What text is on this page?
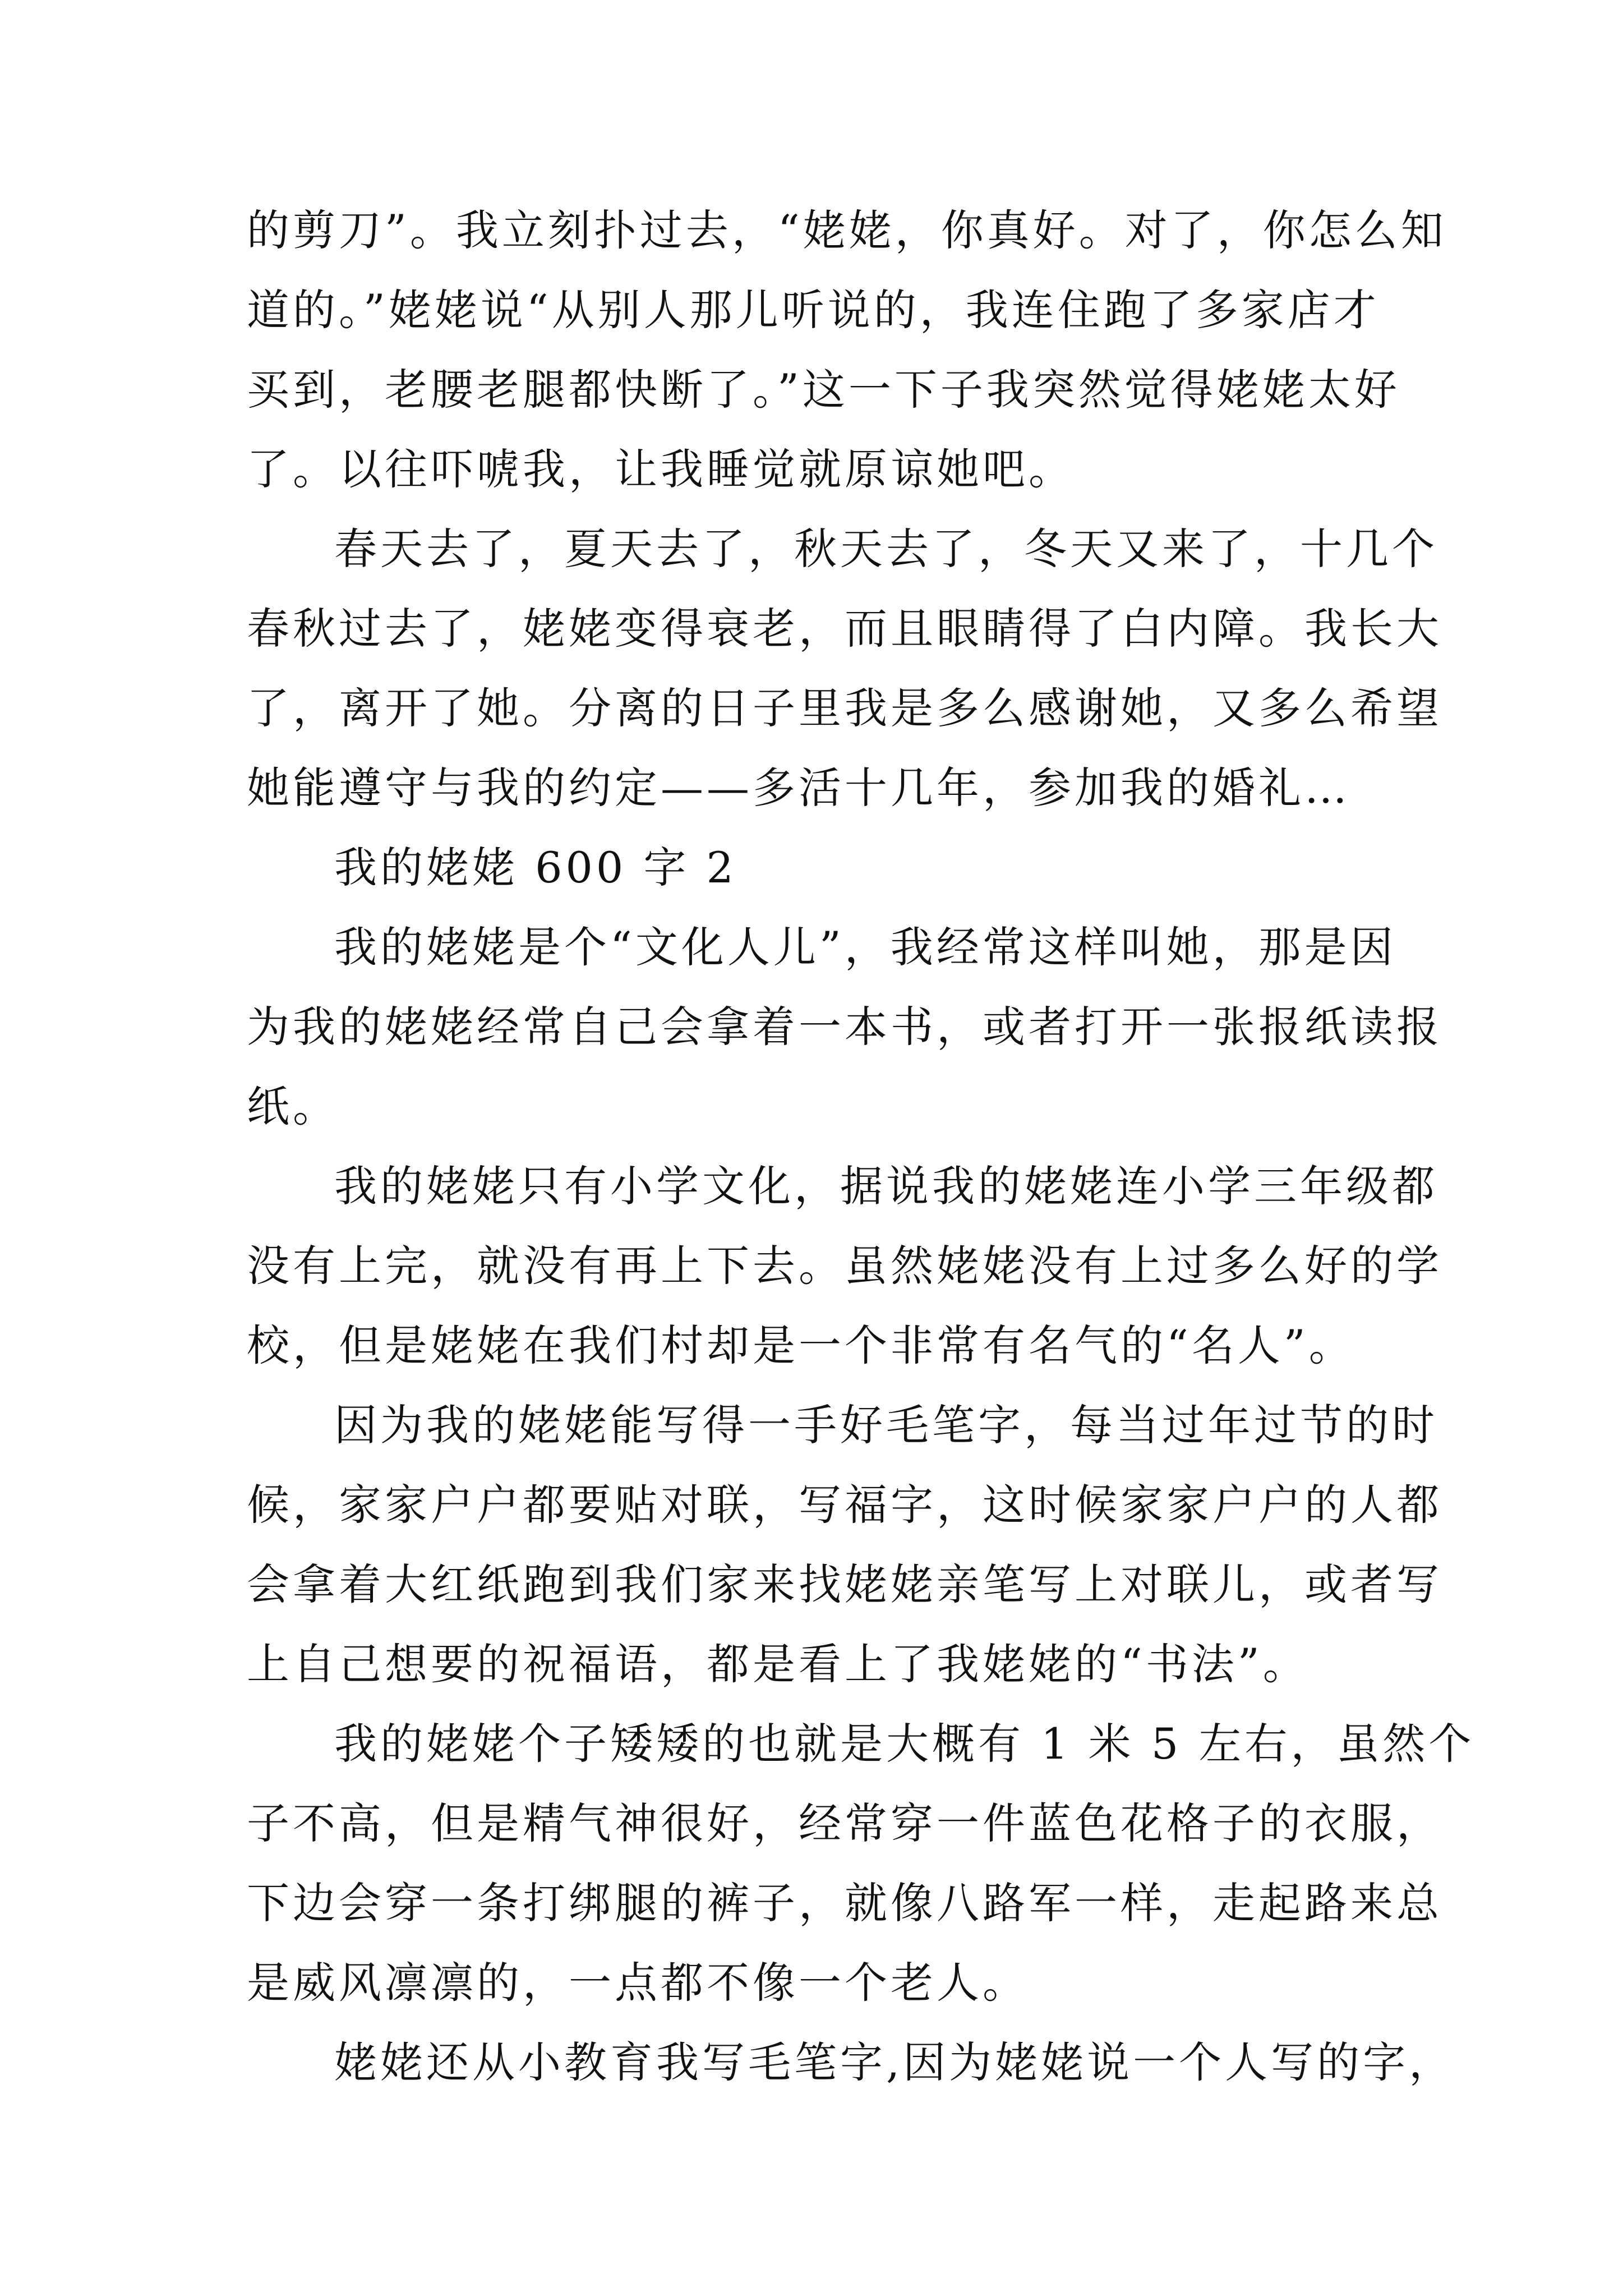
的剪刀”。我立刻扑过去，“姥姥，你真好。对了，你怎么知
道的。”姥姥说“从别人那儿听说的，我连住跑了多家店才
买到，老腰老腿都快断了。”这一下子我突然觉得姥姥太好
了。以往吓唬我，让我睡觉就原谅她吧。
春天去了，夏天去了，秋天去了，冬天又来了，十几个
春秋过去了，姥姥变得衰老，而且眼睛得了白内障。我长大
了，离开了她。分离的日子里我是多么感谢她，又多么希望
她能遵守与我的约定——多活十几年，参加我的婚礼…
我的姥姥 600 字 2
我的姥姥是个“文化人儿”，我经常这样叫她，那是因
为我的姥姥经常自己会拿着一本书，或者打开一张报纸读报
纸。
我的姥姥只有小学文化，据说我的姥姥连小学三年级都
没有上完，就没有再上下去。虽然姥姥没有上过多么好的学
校，但是姥姥在我们村却是一个非常有名气的“名人”。
因为我的姥姥能写得一手好毛笔字，每当过年过节的时
候，家家户户都要贴对联，写福字，这时候家家户户的人都
会拿着大红纸跑到我们家来找姥姥亲笔写上对联儿，或者写
上自己想要的祝福语，都是看上了我姥姥的“书法”。
我的姥姥个子矮矮的也就是大概有 1 米 5 左右，虽然个
子不高，但是精气神很好，经常穿一件蓝色花格子的衣服，
下边会穿一条打绑腿的裤子，就像八路军一样，走起路来总
是威风凛凛的，一点都不像一个老人。
姥姥还从小教育我写毛笔字,因为姥姥说一个人写的字，
